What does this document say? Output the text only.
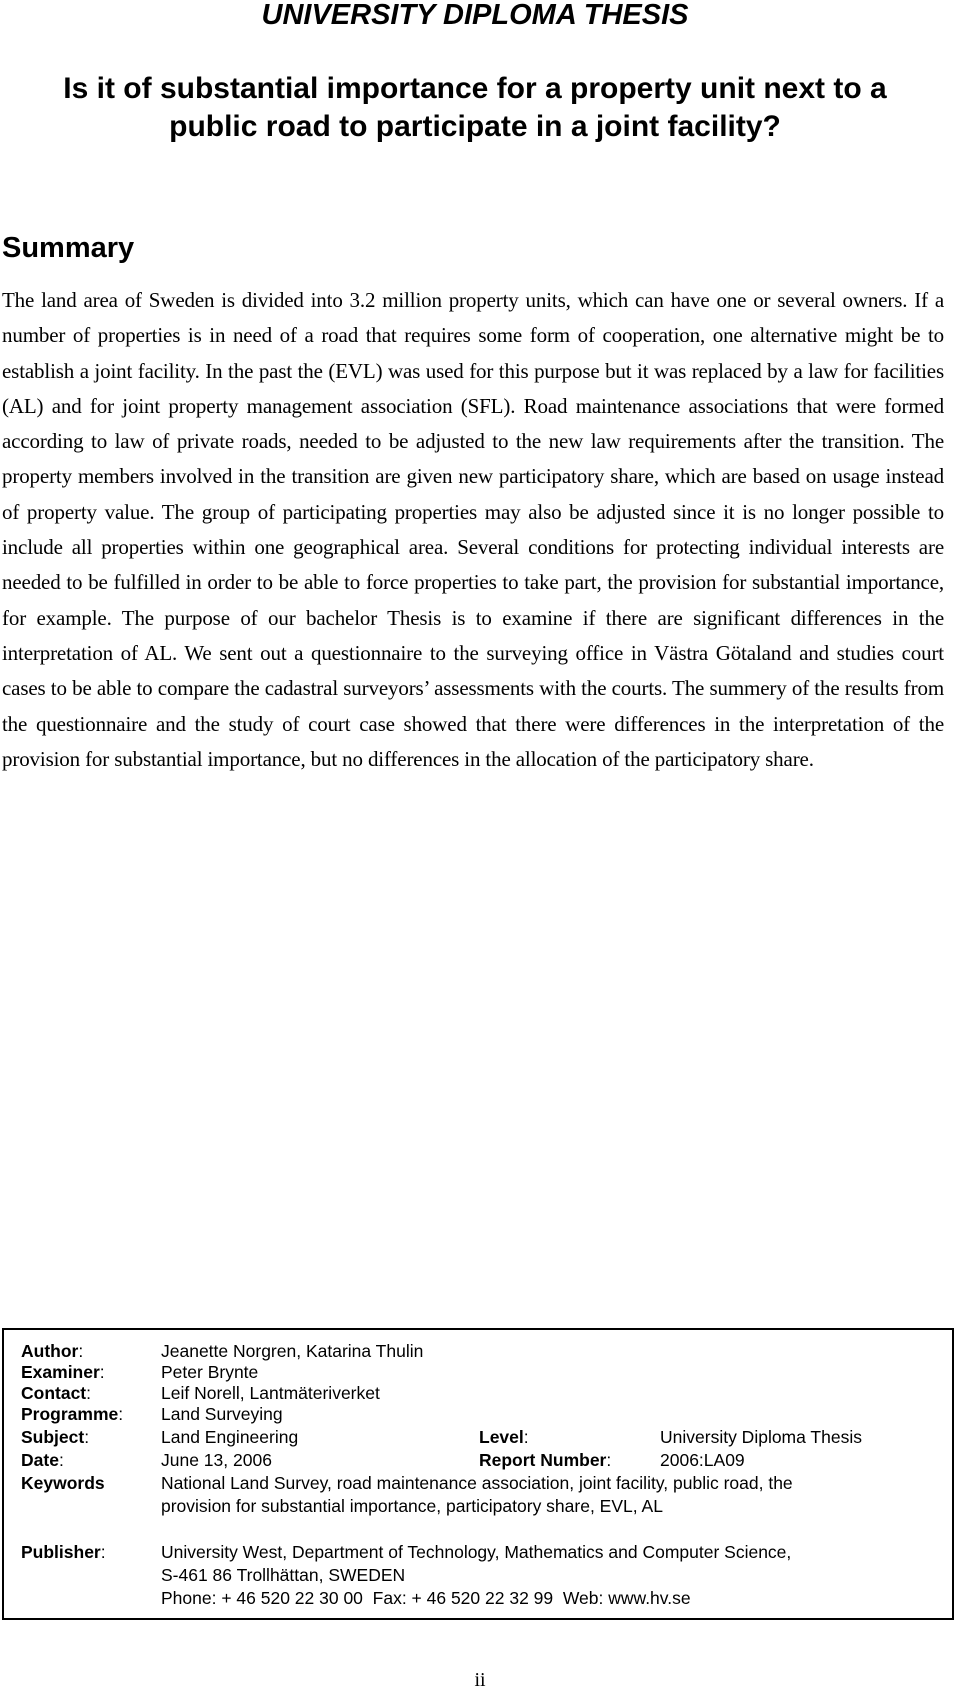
UNIVERSITY DIPLOMA THESIS
Is it of substantial importance for a property unit next to a public road to participate in a joint facility?
Summary

The land area of Sweden is divided into 3.2 million property units, which can have one or several owners. If a number of properties is in need of a road that requires some form of cooperation, one alternative might be to establish a joint facility. In the past the (EVL) was used for this purpose but it was replaced by a law for facilities (AL) and for joint property management association (SFL). Road maintenance associations that were formed according to law of private roads, needed to be adjusted to the new law requirements after the transition. The property members involved in the transition are given new participatory share, which are based on usage instead of property value. The group of participating properties may also be adjusted since it is no longer possible to include all properties within one geographical area. Several conditions for protecting individual interests are needed to be fulfilled in order to be able to force properties to take part, the provision for substantial importance, for example. The purpose of our bachelor Thesis is to examine if there are significant differences in the interpretation of AL. We sent out a questionnaire to the surveying office in Västra Götaland and studies court cases to be able to compare the cadastral surveyors’ assessments with the courts. The summery of the results from the questionnaire and the study of court case showed that there were differences in the interpretation of the provision for substantial importance, but no differences in the allocation of the participatory share.

Author:	Jeanette Norgren, Katarina Thulin
Examiner:	Peter Brynte
Contact:	Leif Norell, Lantmäteriverket
Programme: Land Surveying
Subject:	Land Engineering	Level:	University Diploma Thesis
Date:	June 13, 2006	Report Number:	2006:LA09
Keywords	National Land Survey, road maintenance association, joint facility, public road, the
provision for substantial importance, participatory share, EVL, AL
Publisher:	University West, Department of Technology, Mathematics and Computer Science,
S-461 86 Trollhättan, SWEDEN
Phone: + 46 520 22 30 00  Fax: + 46 520 22 32 99  Web: www.hv.se
ii
